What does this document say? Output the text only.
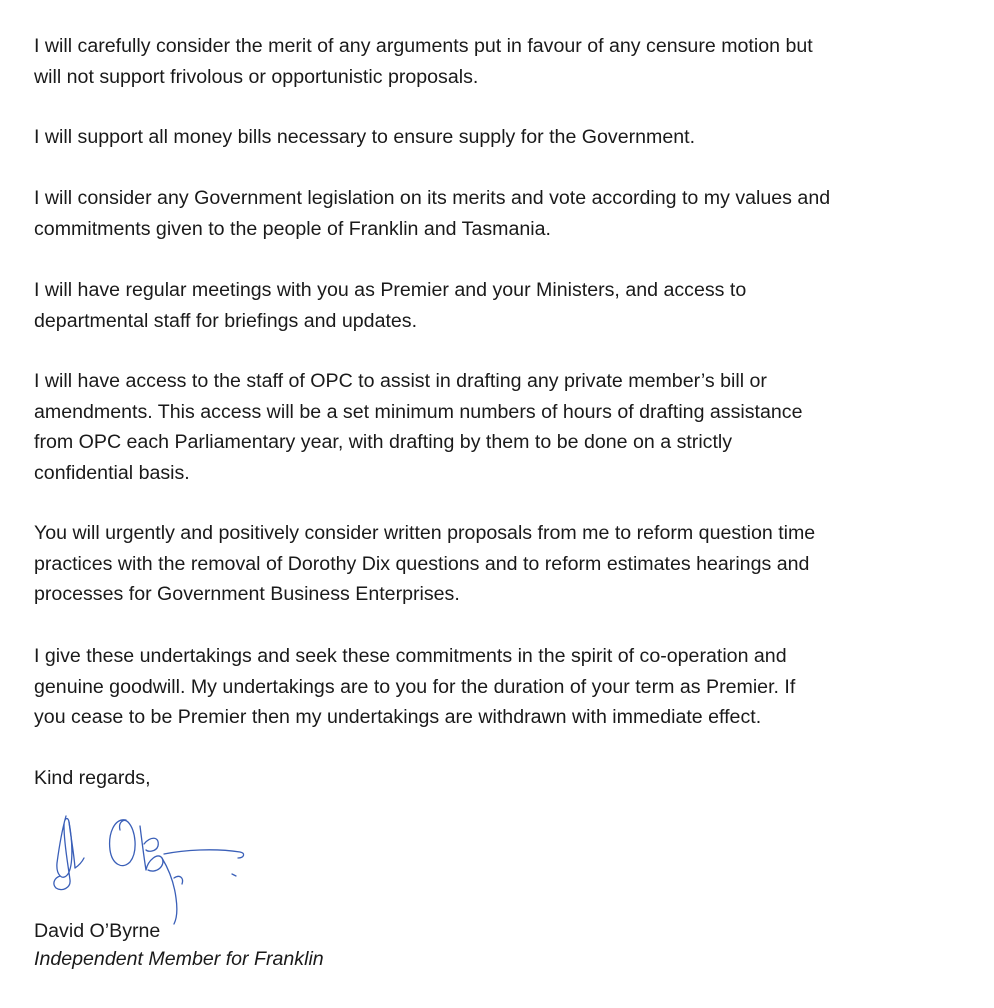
I will carefully consider the merit of any arguments put in favour of any censure motion but
will not support frivolous or opportunistic proposals.

I will support all money bills necessary to ensure supply for the Government.

I will consider any Government legislation on its merits and vote according to my values and
commitments given to the people of Franklin and Tasmania.

I will have regular meetings with you as Premier and your Ministers, and access to
departmental staff for briefings and updates.

I will have access to the staff of OPC to assist in drafting any private member’s bill or
amendments. This access will be a set minimum numbers of hours of drafting assistance
from OPC each Parliamentary year, with drafting by them to be done on a strictly
confidential basis.

You will urgently and positively consider written proposals from me to reform question time
practices with the removal of Dorothy Dix questions and to reform estimates hearings and
processes for Government Business Enterprises.

I give these undertakings and seek these commitments in the spirit of co-operation and
genuine goodwill. My undertakings are to you for the duration of your term as Premier. If
you cease to be Premier then my undertakings are withdrawn with immediate effect.

Kind regards,

David O’Byrne

Independent Member for Franklin
